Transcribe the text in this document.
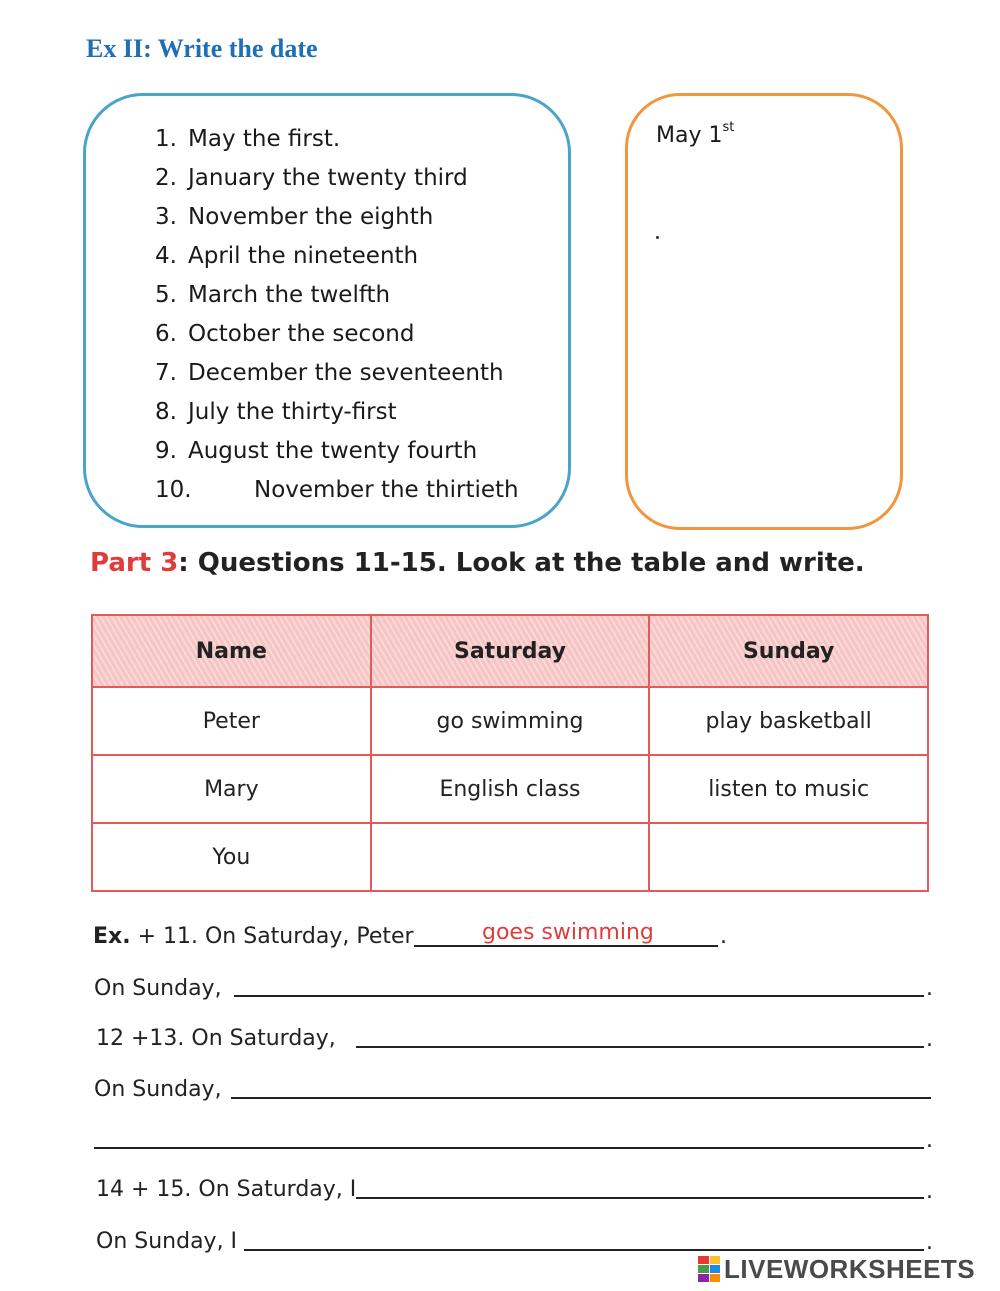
Ex II: Write the date
1. May the first.
2. January the twenty third
3. November the eighth
4. April the nineteenth
5. March the twelfth
6. October the second
7. December the seventeenth
8. July the thirty-first
9. August the twenty fourth
10.	November the thirtieth
May 1st
Part 3: Questions 11-15. Look at the table and write.
Name	Saturday	Sunday
Peter	go swimming	play basketball
Mary	English class	listen to music
You		
Ex. + 11. On Saturday, Peter	goes swimming	.
On Sunday,	.
12 +13. On Saturday,	.
On Sunday,
.
14 + 15. On Saturday, I	.
On Sunday, I	.
LIVEWORKSHEETS
